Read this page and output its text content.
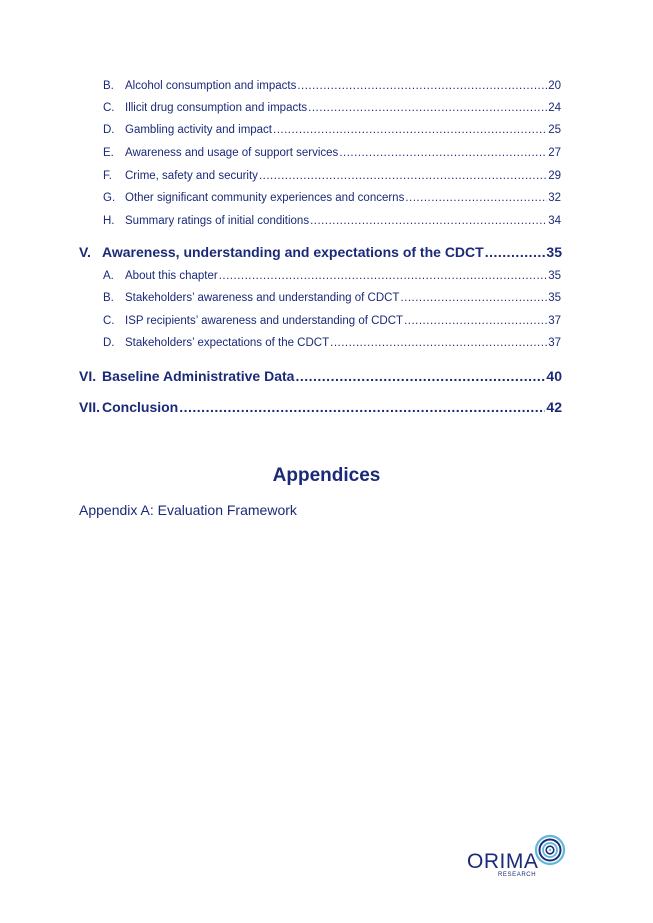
B. Alcohol consumption and impacts .....	20
C. Illicit drug consumption and impacts .....	24
D. Gambling activity and impact .....	25
E. Awareness and usage of support services .....	27
F.	Crime, safety and security .....	29
G. Other significant community experiences and concerns .....	32
H. Summary ratings of initial conditions .....	34
V. Awareness, understanding and expectations of the CDCT .....	35
A. About this chapter .....	35
B. Stakeholders’ awareness and understanding of CDCT .....	35
C. ISP recipients’ awareness and understanding of CDCT .....	37
D. Stakeholders’ expectations of the CDCT .....	37
VI. Baseline Administrative Data .....	40
VII. Conclusion .....	42
Appendices
Appendix A: Evaluation Framework
ORIMA
RESEARCH
